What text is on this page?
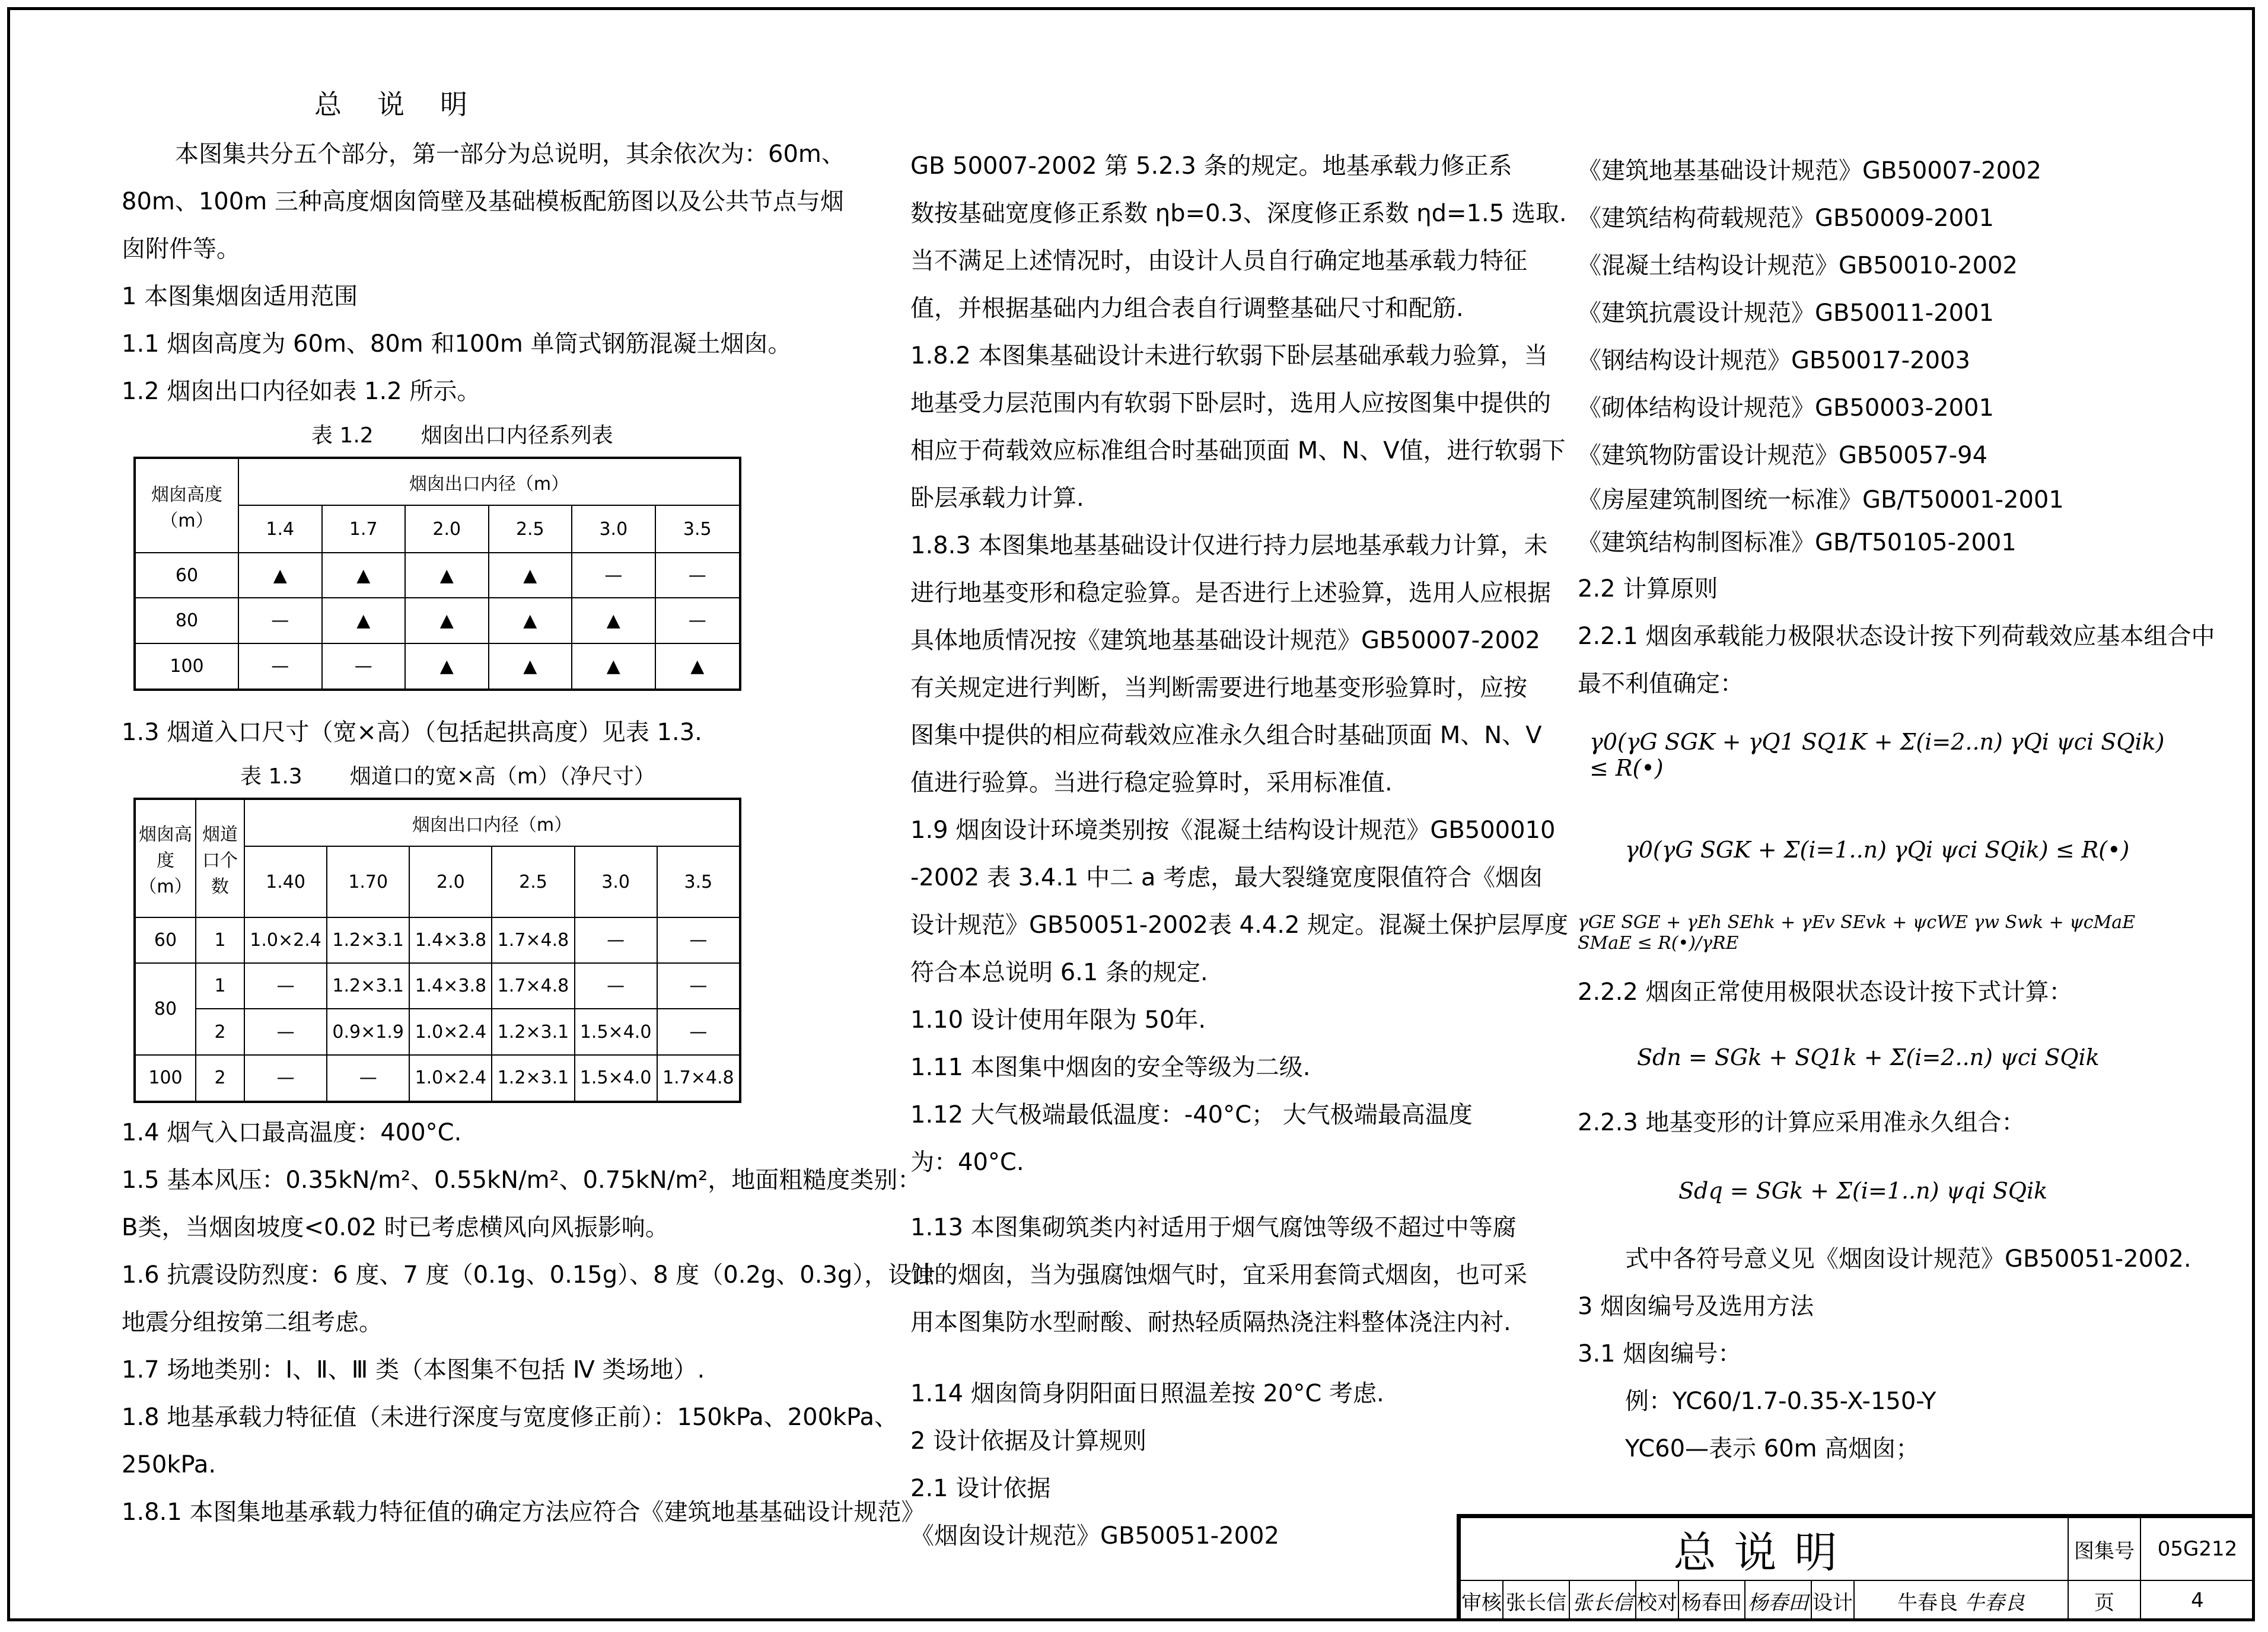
总说明
本图集共分五个部分，第一部分为总说明，其余依次为：60m、
80m、100m 三种高度烟囱筒壁及基础模板配筋图以及公共节点与烟
囱附件等。
1 本图集烟囱适用范围
1.1 烟囱高度为 60m、80m 和100m 单筒式钢筋混凝土烟囱。
1.2 烟囱出口内径如表 1.2 所示。
表 1.2 烟囱出口内径系列表
烟囱高度（m）	烟囱出口内径（m）					
	1.4	1.7	2.0	2.5	3.0	3.5
60	▲	▲	▲	▲	—	—
80	—	▲	▲	▲	▲	—
100	—	—	▲	▲	▲	▲
1.3 烟道入口尺寸（宽×高）（包括起拱高度）见表 1.3.
表 1.3 烟道口的宽×高（m）（净尺寸）
烟囱高度（m）	烟道口个数	烟囱出口内径（m）					
		1.40	1.70	2.0	2.5	3.0	3.5
60	1	1.0×2.4	1.2×3.1	1.4×3.8	1.7×4.8	—	—
80	1	—	1.2×3.1	1.4×3.8	1.7×4.8	—	—
	2	—	0.9×1.9	1.0×2.4	1.2×3.1	1.5×4.0	—
100	2	—	—	1.0×2.4	1.2×3.1	1.5×4.0	1.7×4.8
1.4 烟气入口最高温度：400°C.
1.5 基本风压：0.35kN/m²、0.55kN/m²、0.75kN/m²，地面粗糙度类别：
B类，当烟囱坡度<0.02 时已考虑横风向风振影响。
1.6 抗震设防烈度：6 度、7 度（0.1g、0.15g）、8 度（0.2g、0.3g），设计
地震分组按第二组考虑。
1.7 场地类别：Ⅰ、Ⅱ、Ⅲ 类（本图集不包括 Ⅳ 类场地）.
1.8 地基承载力特征值（未进行深度与宽度修正前）：150kPa、200kPa、
250kPa.
1.8.1 本图集地基承载力特征值的确定方法应符合《建筑地基基础设计规范》
GB 50007-2002 第 5.2.3 条的规定。地基承载力修正系
数按基础宽度修正系数 ηb=0.3、深度修正系数 ηd=1.5 选取.
当不满足上述情况时，由设计人员自行确定地基承载力特征
值，并根据基础内力组合表自行调整基础尺寸和配筋.
1.8.2 本图集基础设计未进行软弱下卧层基础承载力验算，当
地基受力层范围内有软弱下卧层时，选用人应按图集中提供的
相应于荷载效应标准组合时基础顶面 M、N、V值，进行软弱下
卧层承载力计算.
1.8.3 本图集地基基础设计仅进行持力层地基承载力计算，未
进行地基变形和稳定验算。是否进行上述验算，选用人应根据
具体地质情况按《建筑地基基础设计规范》GB50007-2002
有关规定进行判断，当判断需要进行地基变形验算时，应按
图集中提供的相应荷载效应准永久组合时基础顶面 M、N、V
值进行验算。当进行稳定验算时，采用标准值.
1.9 烟囱设计环境类别按《混凝土结构设计规范》GB500010
-2002 表 3.4.1 中二 a 考虑，最大裂缝宽度限值符合《烟囱
设计规范》GB50051-2002表 4.4.2 规定。混凝土保护层厚度
符合本总说明 6.1 条的规定.
1.10 设计使用年限为 50年.
1.11 本图集中烟囱的安全等级为二级.
1.12 大气极端最低温度：-40°C； 大气极端最高温度
为：40°C.
1.13 本图集砌筑类内衬适用于烟气腐蚀等级不超过中等腐
蚀的烟囱，当为强腐蚀烟气时，宜采用套筒式烟囱，也可采
用本图集防水型耐酸、耐热轻质隔热浇注料整体浇注内衬.
1.14 烟囱筒身阴阳面日照温差按 20°C 考虑.
2 设计依据及计算规则
2.1 设计依据
《烟囱设计规范》GB50051-2002
《建筑地基基础设计规范》GB50007-2002
《建筑结构荷载规范》GB50009-2001
《混凝土结构设计规范》GB50010-2002
《建筑抗震设计规范》GB50011-2001
《钢结构设计规范》GB50017-2003
《砌体结构设计规范》GB50003-2001
《建筑物防雷设计规范》GB50057-94
《房屋建筑制图统一标准》GB/T50001-2001
《建筑结构制图标准》GB/T50105-2001
2.2 计算原则
2.2.1 烟囱承载能力极限状态设计按下列荷载效应基本组合中
最不利值确定：
γ0(γG SGK + γQ1 SQ1K + Σ(i=2..n) γQi ψci SQik) ≤ R(•)
γ0(γG SGK + Σ(i=1..n) γQi ψci SQik) ≤ R(•)
γGE SGE + γEh SEhk + γEv SEvk + ψcWE γw Swk + ψcMaE SMaE ≤ R(•)/γRE
2.2.2 烟囱正常使用极限状态设计按下式计算：
Sdn = SGk + SQ1k + Σ(i=2..n) ψci SQik
2.2.3 地基变形的计算应采用准永久组合：
Sdq = SGk + Σ(i=1..n) ψqi SQik
式中各符号意义见《烟囱设计规范》GB50051-2002.
3 烟囱编号及选用方法
3.1 烟囱编号：
例：YC60/1.7-0.35-X-150-Y
YC60—表示 60m 高烟囱；
总说明								图集号	05G212
审核	张长信	张长信	校对	杨春田	杨春田	设计	牛春良 牛春良	页	4
